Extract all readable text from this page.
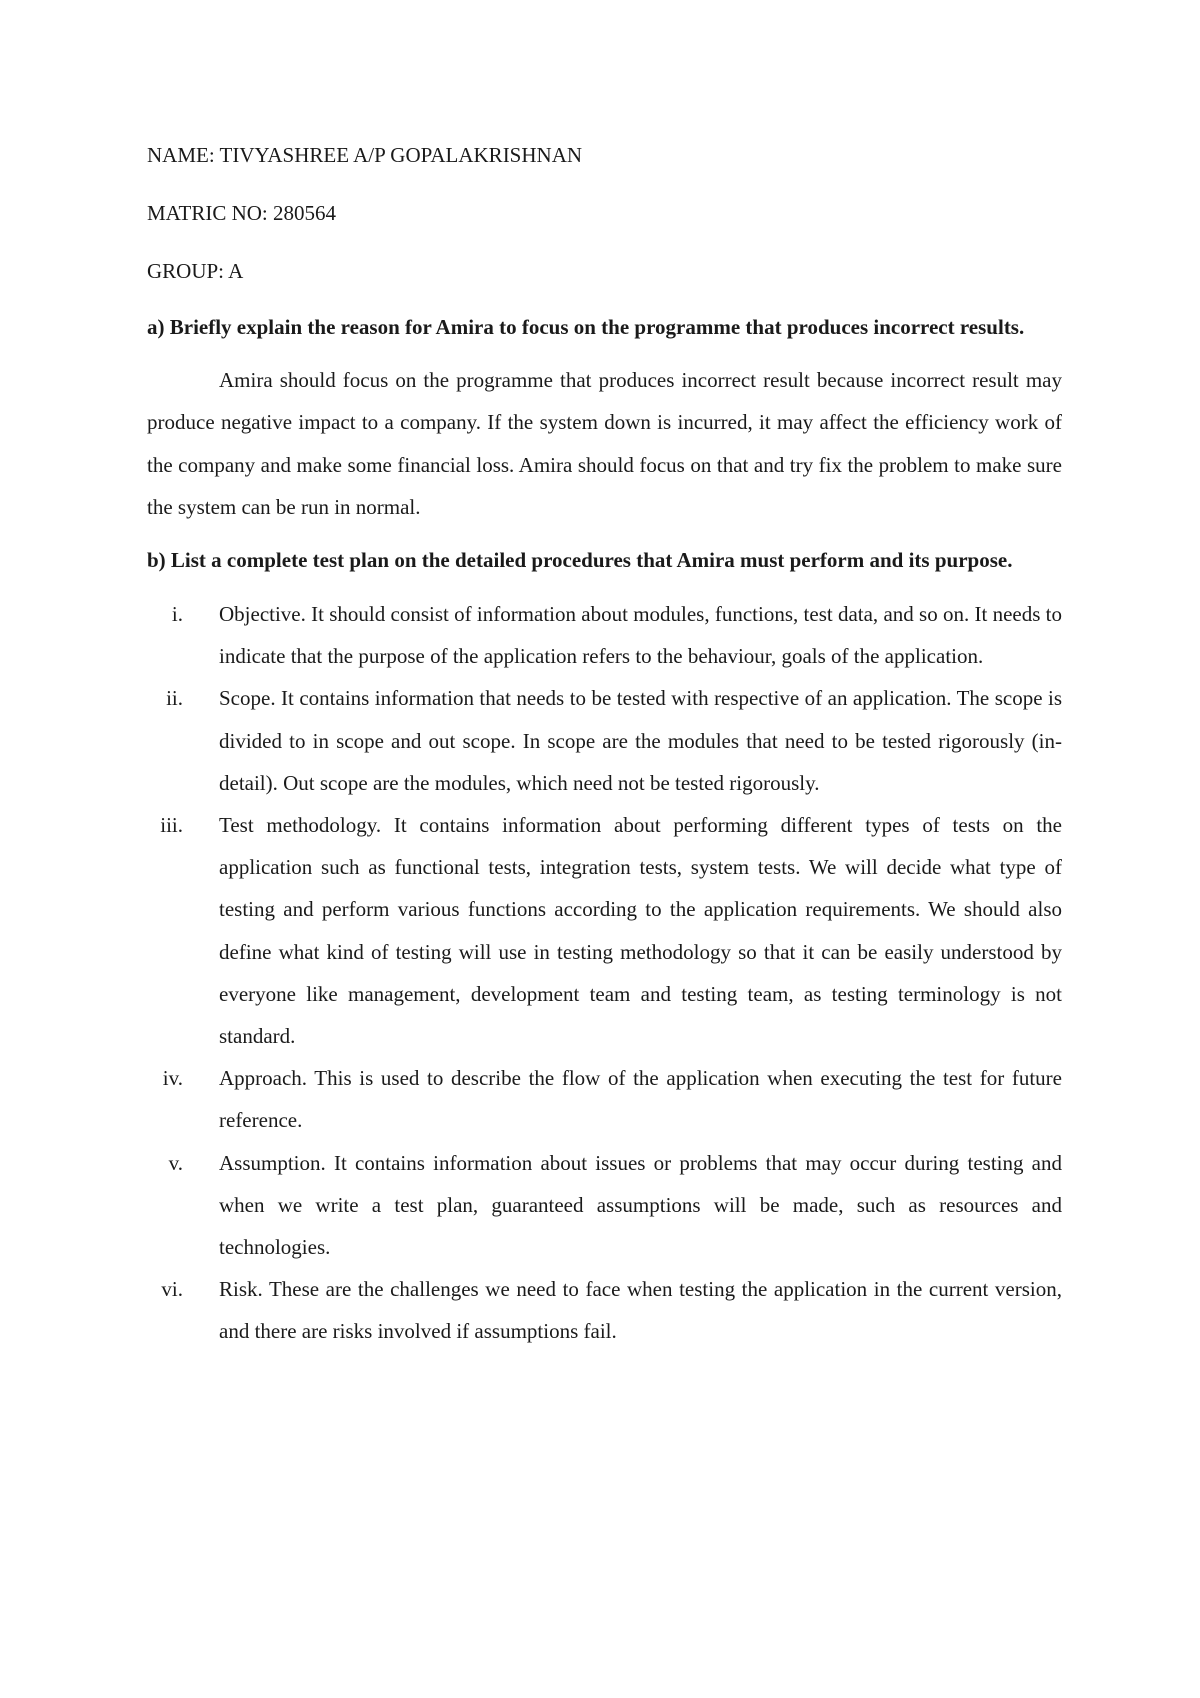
NAME: TIVYASHREE A/P GOPALAKRISHNAN

MATRIC NO: 280564

GROUP: A

a) Briefly explain the reason for Amira to focus on the programme that produces incorrect results.

Amira should focus on the programme that produces incorrect result because incorrect result may produce negative impact to a company. If the system down is incurred, it may affect the efficiency work of the company and make some financial loss. Amira should focus on that and try fix the problem to make sure the system can be run in normal.

b) List a complete test plan on the detailed procedures that Amira must perform and its purpose.

i. Objective. It should consist of information about modules, functions, test data, and so on. It needs to indicate that the purpose of the application refers to the behaviour, goals of the application.
ii. Scope. It contains information that needs to be tested with respective of an application. The scope is divided to in scope and out scope. In scope are the modules that need to be tested rigorously (in-detail). Out scope are the modules, which need not be tested rigorously.
iii. Test methodology. It contains information about performing different types of tests on the application such as functional tests, integration tests, system tests. We will decide what type of testing and perform various functions according to the application requirements. We should also define what kind of testing will use in testing methodology so that it can be easily understood by everyone like management, development team and testing team, as testing terminology is not standard.
iv. Approach. This is used to describe the flow of the application when executing the test for future reference.
v. Assumption. It contains information about issues or problems that may occur during testing and when we write a test plan, guaranteed assumptions will be made, such as resources and technologies.
vi. Risk. These are the challenges we need to face when testing the application in the current version, and there are risks involved if assumptions fail.
